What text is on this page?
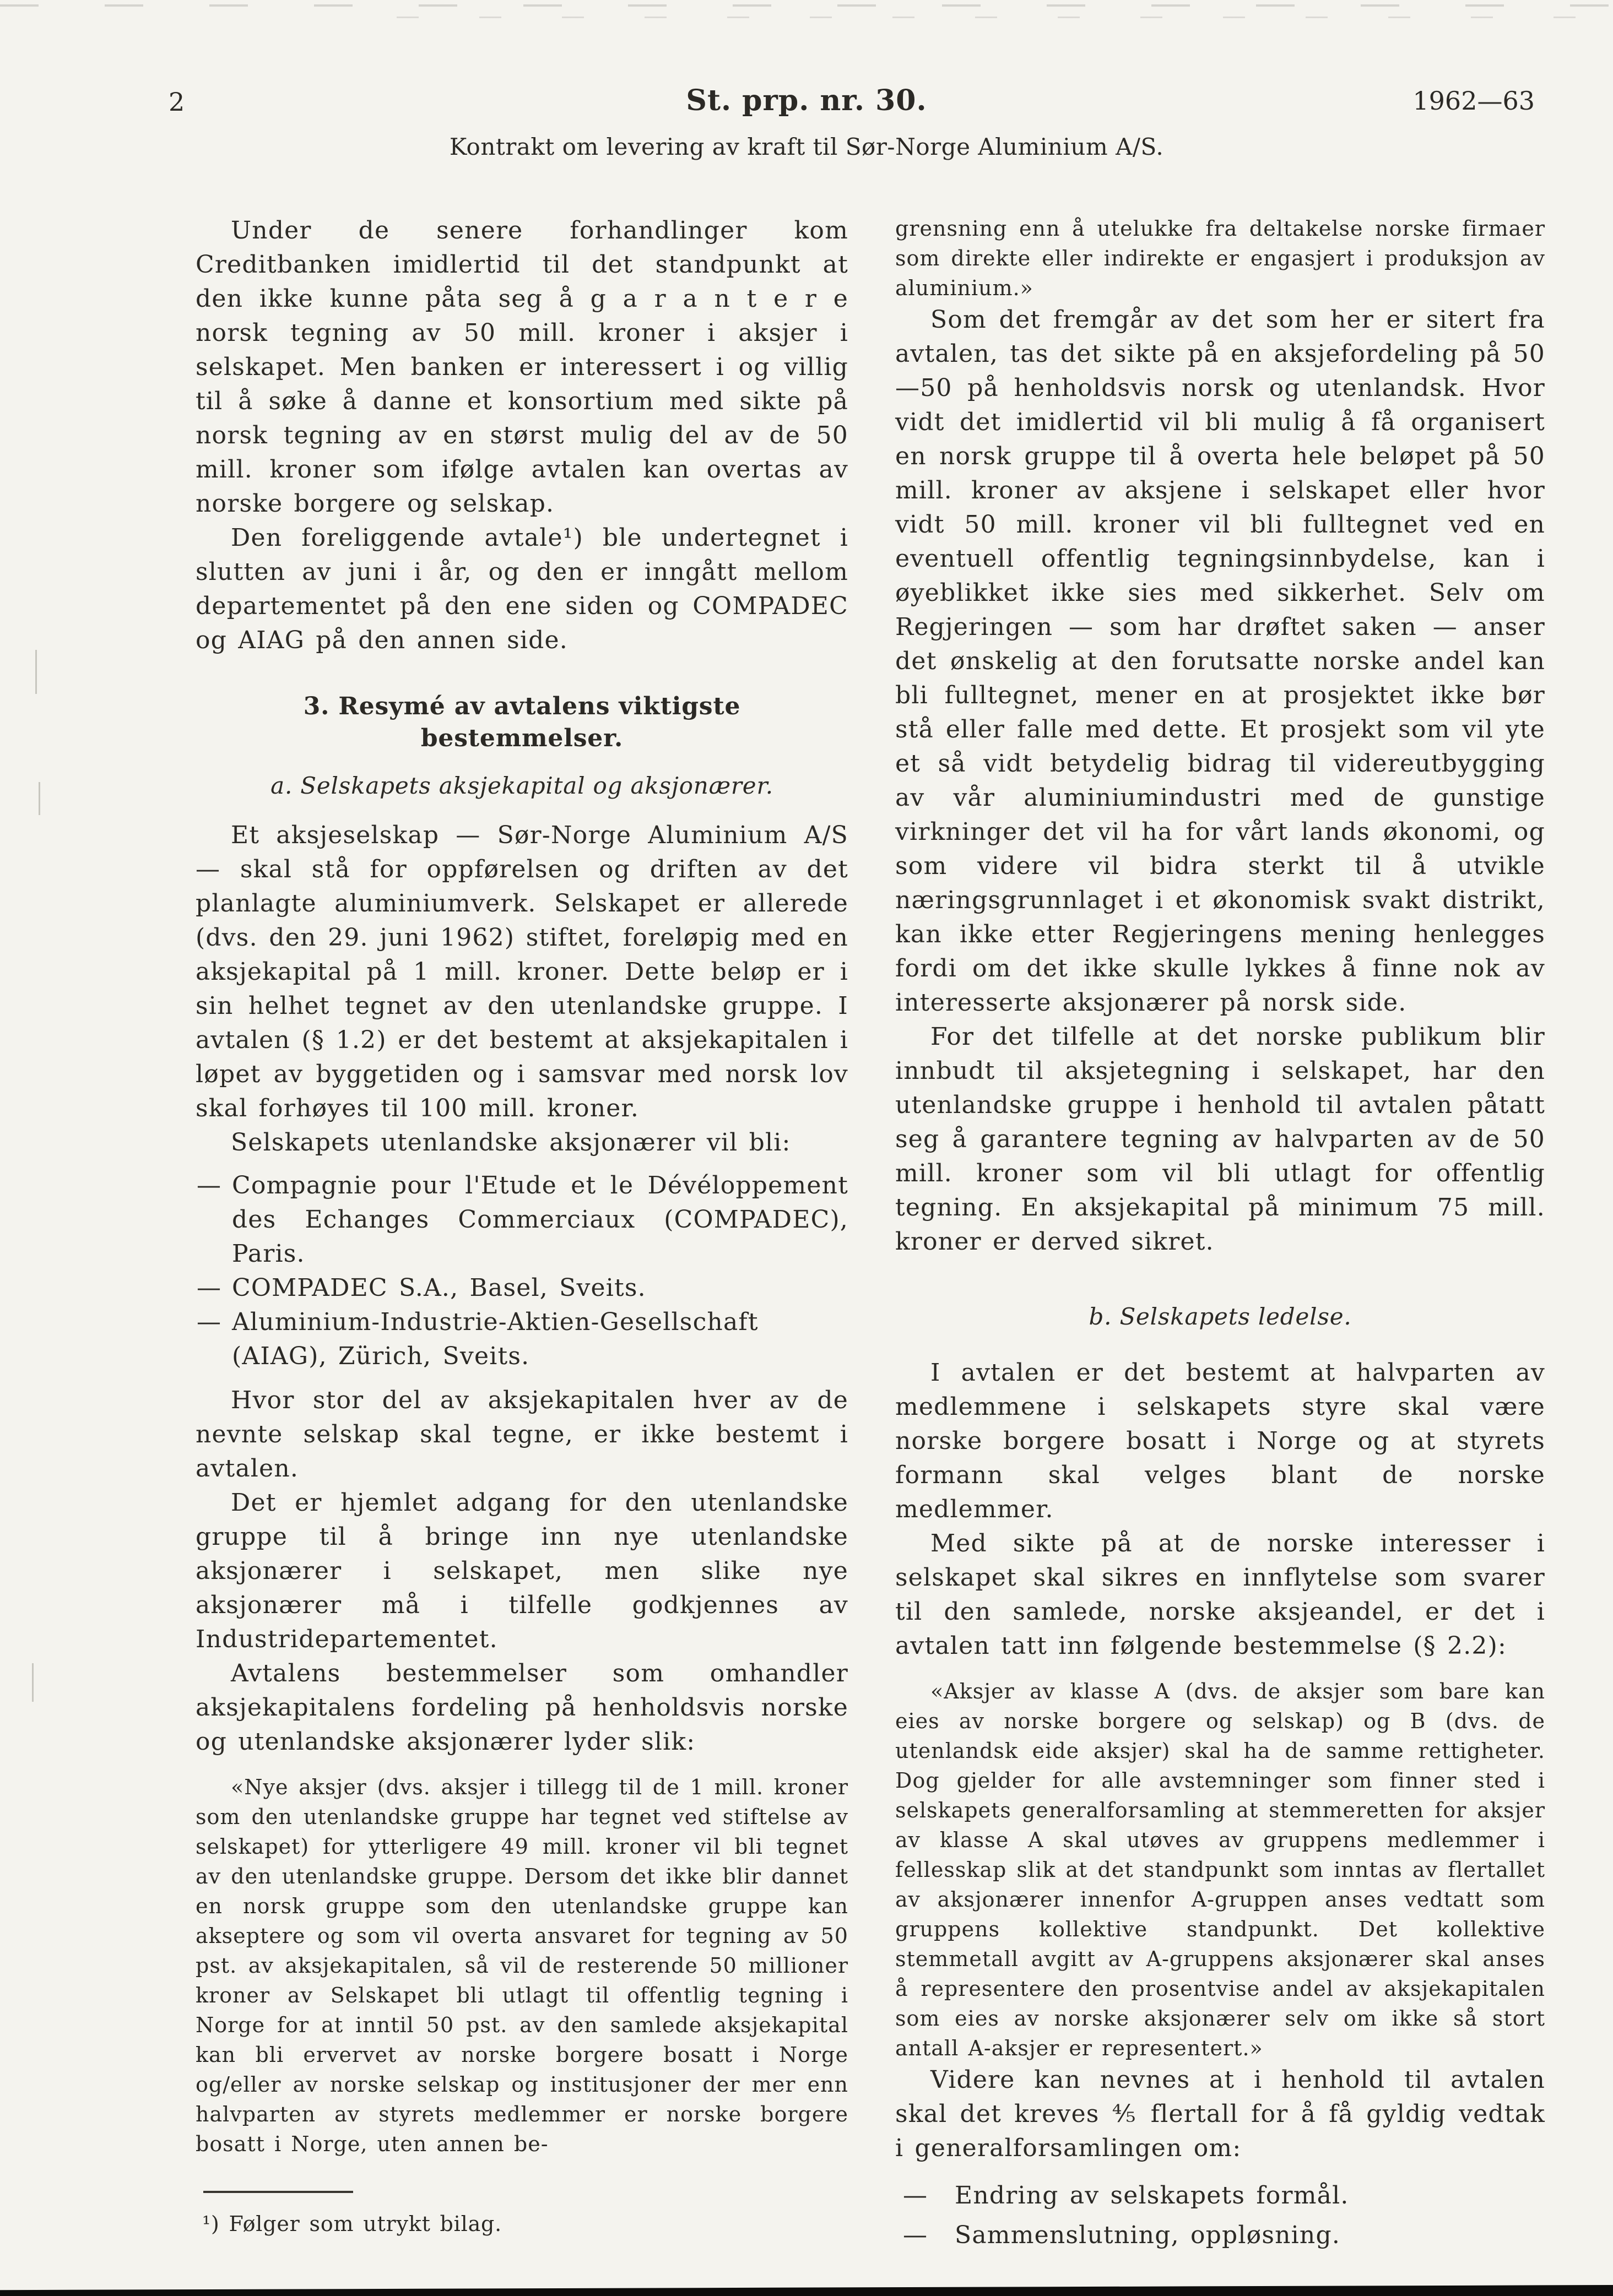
2	St. prp. nr. 30.	1962—63
Kontrakt om levering av kraft til Sør-Norge Aluminium A/S.

Under de senere forhandlinger kom Creditbanken imidlertid til det standpunkt at den ikke kunne påta seg å g a r a n t e r e norsk tegning av 50 mill. kroner i aksjer i selskapet. Men banken er interessert i og villig til å søke å danne et konsortium med sikte på norsk tegning av en størst mulig del av de 50 mill. kroner som ifølge avtalen kan overtas av norske borgere og selskap.

Den foreliggende avtale¹) ble undertegnet i slutten av juni i år, og den er inngått mellom departementet på den ene siden og COMPADEC og AIAG på den annen side.

3. Resymé av avtalens viktigste bestemmelser.
a. Selskapets aksjekapital og aksjonærer.

Et aksjeselskap — Sør-Norge Aluminium A/S — skal stå for oppførelsen og driften av det planlagte aluminiumverk. Selskapet er allerede (dvs. den 29. juni 1962) stiftet, foreløpig med en aksjekapital på 1 mill. kroner. Dette beløp er i sin helhet tegnet av den utenlandske gruppe. I avtalen (§ 1.2) er det bestemt at aksjekapitalen i løpet av byggetiden og i samsvar med norsk lov skal forhøyes til 100 mill. kroner.

Selskapets utenlandske aksjonærer vil bli:

— Compagnie pour l'Etude et le Dévéloppement des Echanges Commerciaux (COMPADEC), Paris.

— COMPADEC S.A., Basel, Sveits.

— Aluminium-Industrie-Aktien-Gesellschaft (AIAG), Zürich, Sveits.

Hvor stor del av aksjekapitalen hver av de nevnte selskap skal tegne, er ikke bestemt i avtalen.

Det er hjemlet adgang for den utenlandske gruppe til å bringe inn nye utenlandske aksjonærer i selskapet, men slike nye aksjonærer må i tilfelle godkjennes av Industridepartementet.

Avtalens bestemmelser som omhandler aksjekapitalens fordeling på henholdsvis norske og utenlandske aksjonærer lyder slik:

«Nye aksjer (dvs. aksjer i tillegg til de 1 mill. kroner som den utenlandske gruppe har tegnet ved stiftelse av selskapet) for ytterligere 49 mill. kroner vil bli tegnet av den utenlandske gruppe. Dersom det ikke blir dannet en norsk gruppe som den utenlandske gruppe kan akseptere og som vil overta ansvaret for tegning av 50 pst. av aksjekapitalen, så vil de resterende 50 millioner kroner av Selskapet bli utlagt til offentlig tegning i Norge for at inntil 50 pst. av den samlede aksjekapital kan bli ervervet av norske borgere bosatt i Norge og/eller av norske selskap og institusjoner der mer enn halvparten av styrets medlemmer er norske borgere bosatt i Norge, uten annen be-

¹) Følger som utrykt bilag.

grensning enn å utelukke fra deltakelse norske firmaer som direkte eller indirekte er engasjert i produksjon av aluminium.»

Som det fremgår av det som her er sitert fra avtalen, tas det sikte på en aksjefordeling på 50—50 på henholdsvis norsk og utenlandsk. Hvor vidt det imidlertid vil bli mulig å få organisert en norsk gruppe til å overta hele beløpet på 50 mill. kroner av aksjene i selskapet eller hvor vidt 50 mill. kroner vil bli fulltegnet ved en eventuell offentlig tegningsinnbydelse, kan i øyeblikket ikke sies med sikkerhet. Selv om Regjeringen — som har drøftet saken — anser det ønskelig at den forutsatte norske andel kan bli fulltegnet, mener en at prosjektet ikke bør stå eller falle med dette. Et prosjekt som vil yte et så vidt betydelig bidrag til videreutbygging av vår aluminiumindustri med de gunstige virkninger det vil ha for vårt lands økonomi, og som videre vil bidra sterkt til å utvikle næringsgrunnlaget i et økonomisk svakt distrikt, kan ikke etter Regjeringens mening henlegges fordi om det ikke skulle lykkes å finne nok av interesserte aksjonærer på norsk side.

For det tilfelle at det norske publikum blir innbudt til aksjetegning i selskapet, har den utenlandske gruppe i henhold til avtalen påtatt seg å garantere tegning av halvparten av de 50 mill. kroner som vil bli utlagt for offentlig tegning. En aksjekapital på minimum 75 mill. kroner er derved sikret.

b. Selskapets ledelse.

I avtalen er det bestemt at halvparten av medlemmene i selskapets styre skal være norske borgere bosatt i Norge og at styrets formann skal velges blant de norske medlemmer.

Med sikte på at de norske interesser i selskapet skal sikres en innflytelse som svarer til den samlede, norske aksjeandel, er det i avtalen tatt inn følgende bestemmelse (§ 2.2):

«Aksjer av klasse A (dvs. de aksjer som bare kan eies av norske borgere og selskap) og B (dvs. de utenlandsk eide aksjer) skal ha de samme rettigheter. Dog gjelder for alle avstemninger som finner sted i selskapets generalforsamling at stemmeretten for aksjer av klasse A skal utøves av gruppens medlemmer i fellesskap slik at det standpunkt som inntas av flertallet av aksjonærer innenfor A-gruppen anses vedtatt som gruppens kollektive standpunkt. Det kollektive stemmetall avgitt av A-gruppens aksjonærer skal anses å representere den prosentvise andel av aksjekapitalen som eies av norske aksjonærer selv om ikke så stort antall A-aksjer er representert.»

Videre kan nevnes at i henhold til avtalen skal det kreves ⅘ flertall for å få gyldig vedtak i generalforsamlingen om:

— Endring av selskapets formål.

— Sammenslutning, oppløsning.
